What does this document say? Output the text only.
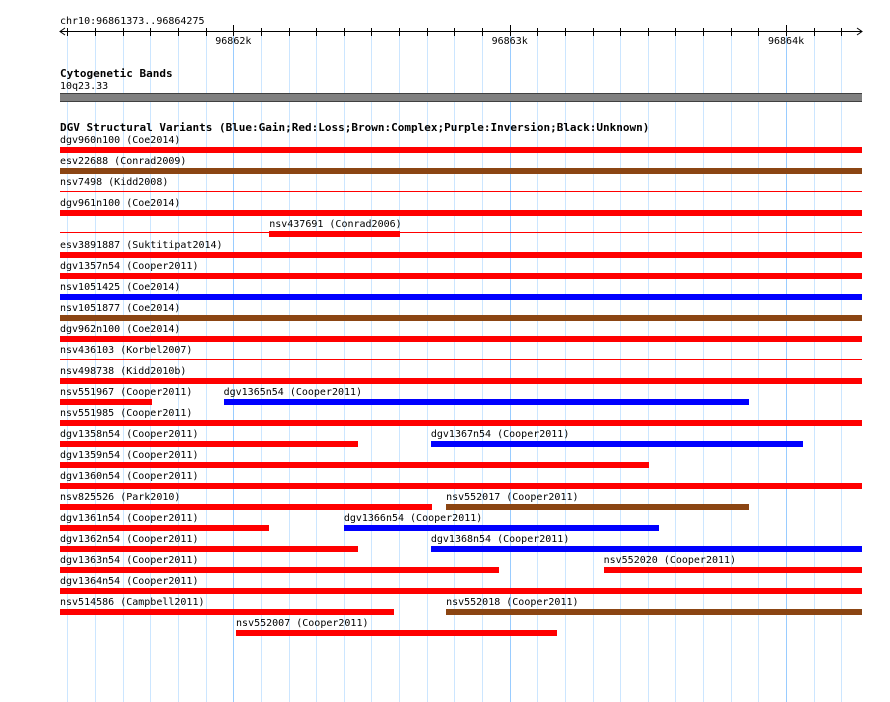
chr10:96861373..96864275
Cytogenetic Bands
10q23.33
DGV Structural Variants (Blue:Gain;Red:Loss;Brown:Complex;Purple:Inversion;Black:Unknown)
dgv960n100 (Coe2014)
esv22688 (Conrad2009)
nsv7498 (Kidd2008)
dgv961n100 (Coe2014)
nsv437691 (Conrad2006)
esv3891887 (Suktitipat2014)
dgv1357n54 (Cooper2011)
nsv1051425 (Coe2014)
nsv1051877 (Coe2014)
dgv962n100 (Coe2014)
nsv436103 (Korbel2007)
nsv498738 (Kidd2010b)
nsv551967 (Cooper2011)	dgv1365n54 (Cooper2011)
nsv551985 (Cooper2011)
dgv1358n54 (Cooper2011)	dgv1367n54 (Cooper2011)
dgv1359n54 (Cooper2011)
dgv1360n54 (Cooper2011)
nsv825526 (Park2010)	nsv552017 (Cooper2011)
dgv1361n54 (Cooper2011)	dgv1366n54 (Cooper2011)
dgv1362n54 (Cooper2011)	dgv1368n54 (Cooper2011)
dgv1363n54 (Cooper2011)	nsv552020 (Cooper2011)
dgv1364n54 (Cooper2011)
nsv514586 (Campbell2011)	nsv552018 (Cooper2011)
nsv552007 (Cooper2011)
96862k	96863k	96864k
